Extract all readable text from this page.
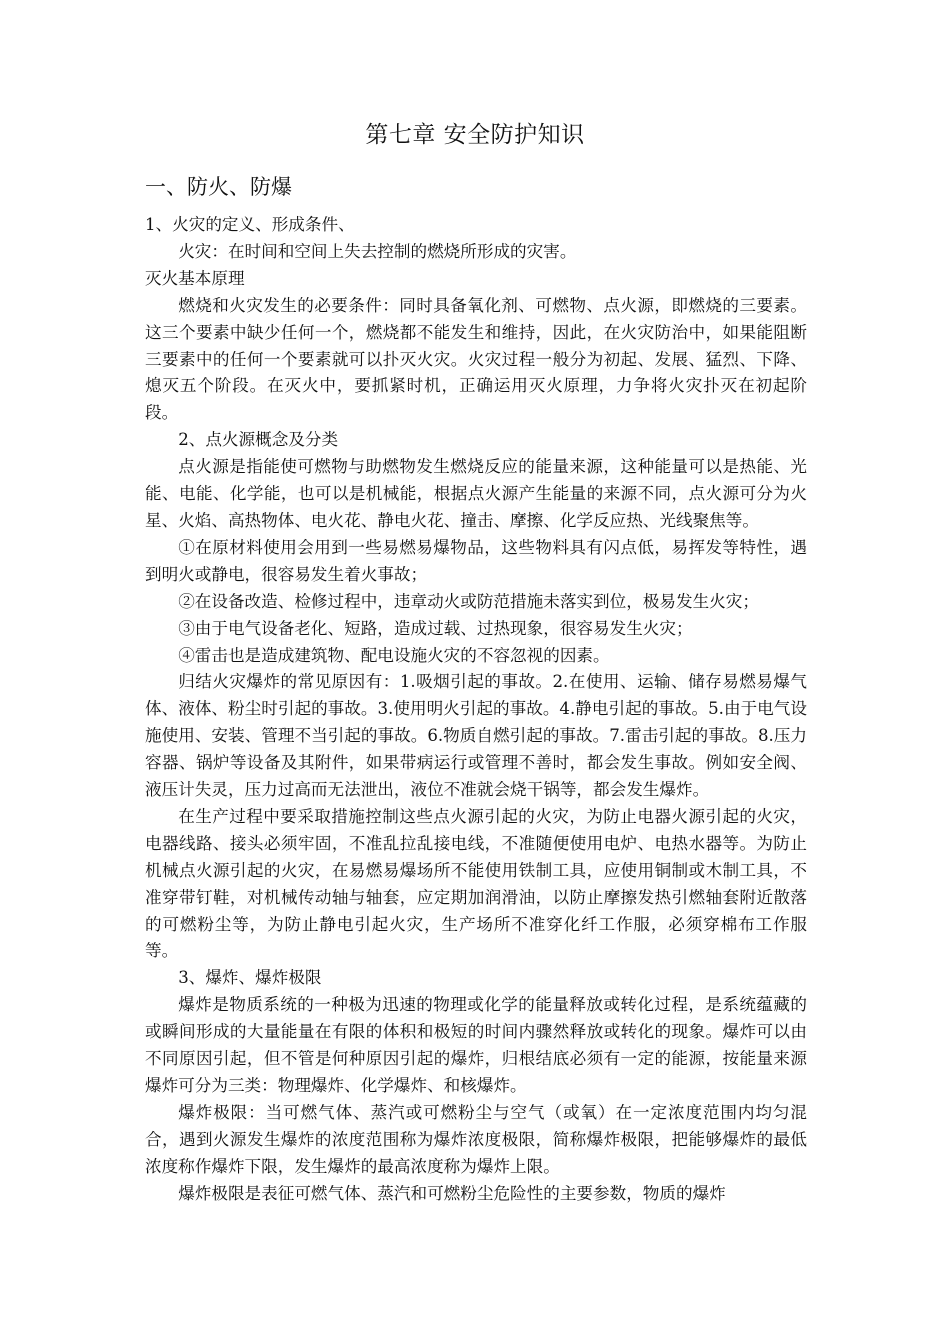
第七章 安全防护知识
一、防火、防爆

1、火灾的定义、形成条件、

火灾：在时间和空间上失去控制的燃烧所形成的灾害。

灭火基本原理

燃烧和火灾发生的必要条件：同时具备氧化剂、可燃物、点火源，即燃烧的三要素。这三个要素中缺少任何一个，燃烧都不能发生和维持，因此，在火灾防治中，如果能阻断三要素中的任何一个要素就可以扑灭火灾。火灾过程一般分为初起、发展、猛烈、下降、熄灭五个阶段。在灭火中，要抓紧时机，正确运用灭火原理，力争将火灾扑灭在初起阶段。

2、点火源概念及分类

点火源是指能使可燃物与助燃物发生燃烧反应的能量来源，这种能量可以是热能、光能、电能、化学能，也可以是机械能，根据点火源产生能量的来源不同，点火源可分为火星、火焰、高热物体、电火花、静电火花、撞击、摩擦、化学反应热、光线聚焦等。

①在原材料使用会用到一些易燃易爆物品，这些物料具有闪点低，易挥发等特性，遇到明火或静电，很容易发生着火事故；

②在设备改造、检修过程中，违章动火或防范措施未落实到位，极易发生火灾；

③由于电气设备老化、短路，造成过载、过热现象，很容易发生火灾；

④雷击也是造成建筑物、配电设施火灾的不容忽视的因素。

归结火灾爆炸的常见原因有：1.吸烟引起的事故。2.在使用、运输、储存易燃易爆气体、液体、粉尘时引起的事故。3.使用明火引起的事故。4.静电引起的事故。5.由于电气设施使用、安装、管理不当引起的事故。6.物质自燃引起的事故。7.雷击引起的事故。8.压力容器、锅炉等设备及其附件，如果带病运行或管理不善时，都会发生事故。例如安全阀、液压计失灵，压力过高而无法泄出，液位不准就会烧干锅等，都会发生爆炸。

在生产过程中要采取措施控制这些点火源引起的火灾，为防止电器火源引起的火灾，电器线路、接头必须牢固，不准乱拉乱接电线，不准随便使用电炉、电热水器等。为防止机械点火源引起的火灾，在易燃易爆场所不能使用铁制工具，应使用铜制或木制工具，不准穿带钉鞋，对机械传动轴与轴套，应定期加润滑油，以防止摩擦发热引燃轴套附近散落的可燃粉尘等，为防止静电引起火灾，生产场所不准穿化纤工作服，必须穿棉布工作服等。

3、爆炸、爆炸极限

爆炸是物质系统的一种极为迅速的物理或化学的能量释放或转化过程，是系统蕴藏的或瞬间形成的大量能量在有限的体积和极短的时间内骤然释放或转化的现象。爆炸可以由不同原因引起，但不管是何种原因引起的爆炸，归根结底必须有一定的能源，按能量来源爆炸可分为三类：物理爆炸、化学爆炸、和核爆炸。

爆炸极限：当可燃气体、蒸汽或可燃粉尘与空气（或氧）在一定浓度范围内均匀混合，遇到火源发生爆炸的浓度范围称为爆炸浓度极限，简称爆炸极限，把能够爆炸的最低浓度称作爆炸下限，发生爆炸的最高浓度称为爆炸上限。

爆炸极限是表征可燃气体、蒸汽和可燃粉尘危险性的主要参数，物质的爆炸
